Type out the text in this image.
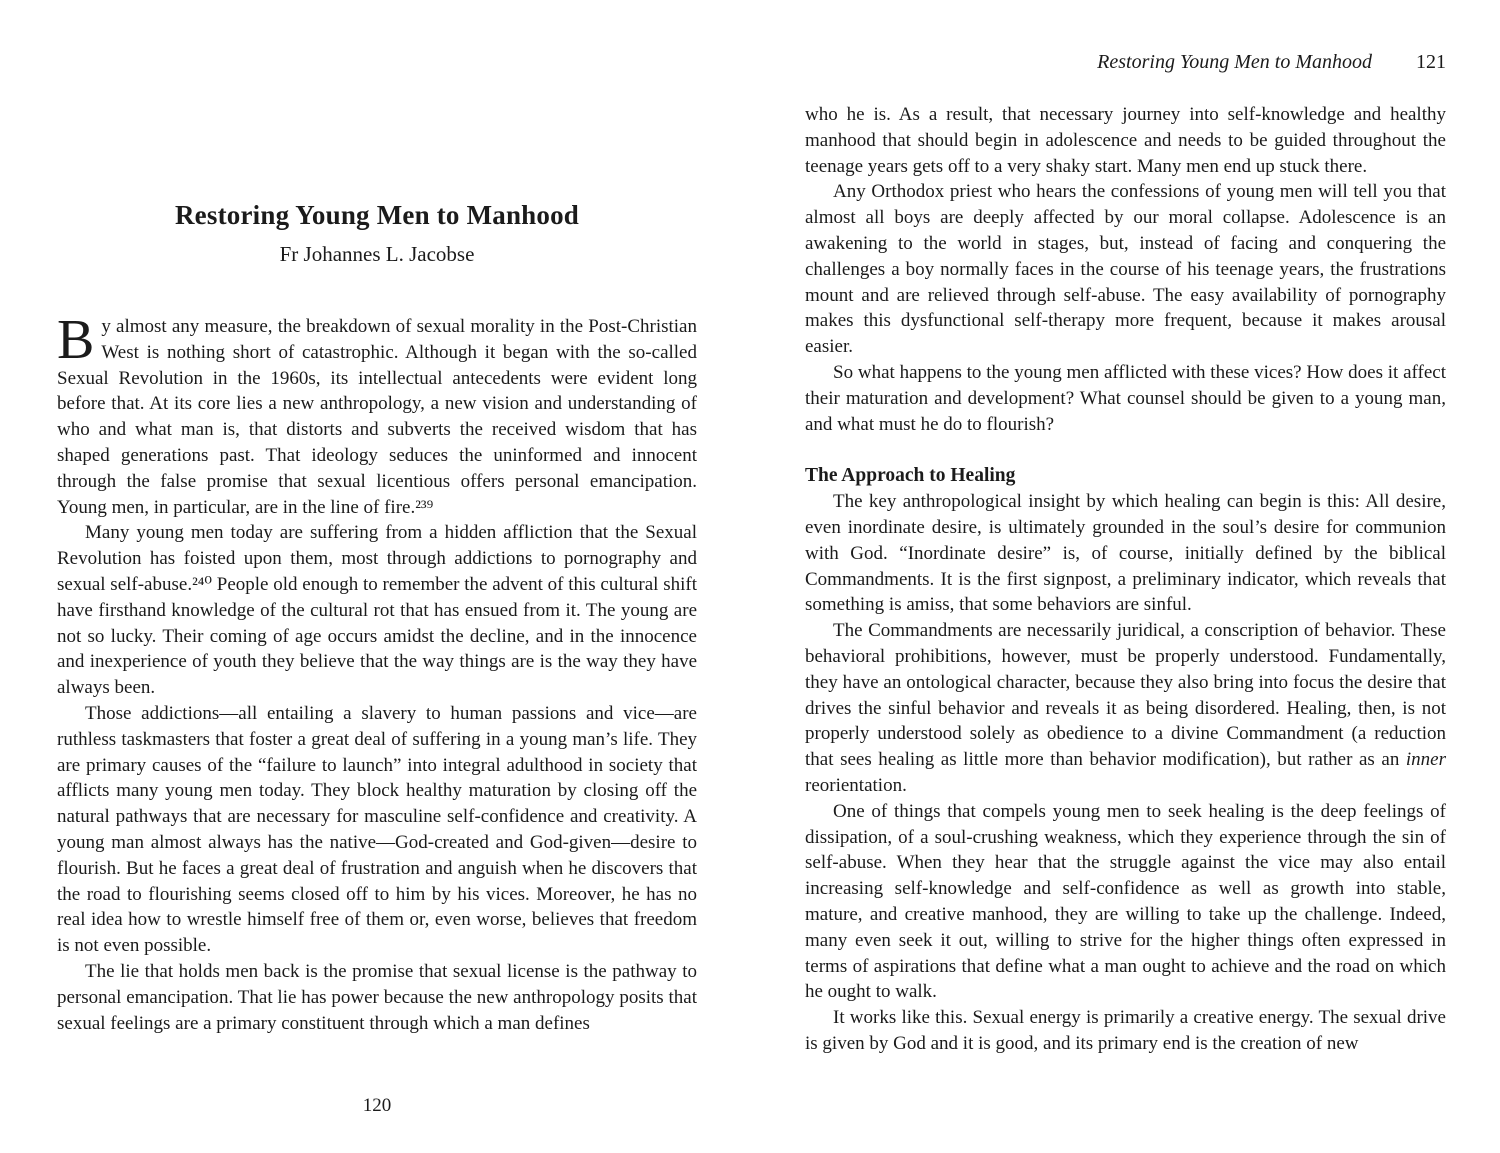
Restoring Young Men to Manhood
Fr Johannes L. Jacobse

By almost any measure, the breakdown of sexual morality in the Post-Christian West is nothing short of catastrophic. Although it began with the so-called Sexual Revolution in the 1960s, its intellectual antecedents were evident long before that. At its core lies a new anthropology, a new vision and understanding of who and what man is, that distorts and subverts the received wisdom that has shaped generations past. That ideology seduces the uninformed and innocent through the false promise that sexual licentious offers personal emancipation. Young men, in particular, are in the line of fire.²³⁹

Many young men today are suffering from a hidden affliction that the Sexual Revolution has foisted upon them, most through addictions to pornography and sexual self-abuse.²⁴⁰ People old enough to remember the advent of this cultural shift have firsthand knowledge of the cultural rot that has ensued from it. The young are not so lucky. Their coming of age occurs amidst the decline, and in the innocence and inexperience of youth they believe that the way things are is the way they have always been.

Those addictions—all entailing a slavery to human passions and vice—are ruthless taskmasters that foster a great deal of suffering in a young man’s life. They are primary causes of the “failure to launch” into integral adulthood in society that afflicts many young men today. They block healthy maturation by closing off the natural pathways that are necessary for masculine self-confidence and creativity. A young man almost always has the native—God-created and God-given—desire to flourish. But he faces a great deal of frustration and anguish when he discovers that the road to flourishing seems closed off to him by his vices. Moreover, he has no real idea how to wrestle himself free of them or, even worse, believes that freedom is not even possible.

The lie that holds men back is the promise that sexual license is the pathway to personal emancipation. That lie has power because the new anthropology posits that sexual feelings are a primary constituent through which a man defines

120
Restoring Young Men to Manhood 121

who he is. As a result, that necessary journey into self-knowledge and healthy manhood that should begin in adolescence and needs to be guided throughout the teenage years gets off to a very shaky start. Many men end up stuck there.

Any Orthodox priest who hears the confessions of young men will tell you that almost all boys are deeply affected by our moral collapse. Adolescence is an awakening to the world in stages, but, instead of facing and conquering the challenges a boy normally faces in the course of his teenage years, the frustrations mount and are relieved through self-abuse. The easy availability of pornography makes this dysfunctional self-therapy more frequent, because it makes arousal easier.

So what happens to the young men afflicted with these vices? How does it affect their maturation and development? What counsel should be given to a young man, and what must he do to flourish?

The Approach to Healing

The key anthropological insight by which healing can begin is this: All desire, even inordinate desire, is ultimately grounded in the soul’s desire for communion with God. “Inordinate desire” is, of course, initially defined by the biblical Commandments. It is the first signpost, a preliminary indicator, which reveals that something is amiss, that some behaviors are sinful.

The Commandments are necessarily juridical, a conscription of behavior. These behavioral prohibitions, however, must be properly understood. Fundamentally, they have an ontological character, because they also bring into focus the desire that drives the sinful behavior and reveals it as being disordered. Healing, then, is not properly understood solely as obedience to a divine Commandment (a reduction that sees healing as little more than behavior modification), but rather as an inner reorientation.

One of things that compels young men to seek healing is the deep feelings of dissipation, of a soul-crushing weakness, which they experience through the sin of self-abuse. When they hear that the struggle against the vice may also entail increasing self-knowledge and self-confidence as well as growth into stable, mature, and creative manhood, they are willing to take up the challenge. Indeed, many even seek it out, willing to strive for the higher things often expressed in terms of aspirations that define what a man ought to achieve and the road on which he ought to walk.

It works like this. Sexual energy is primarily a creative energy. The sexual drive is given by God and it is good, and its primary end is the creation of new
